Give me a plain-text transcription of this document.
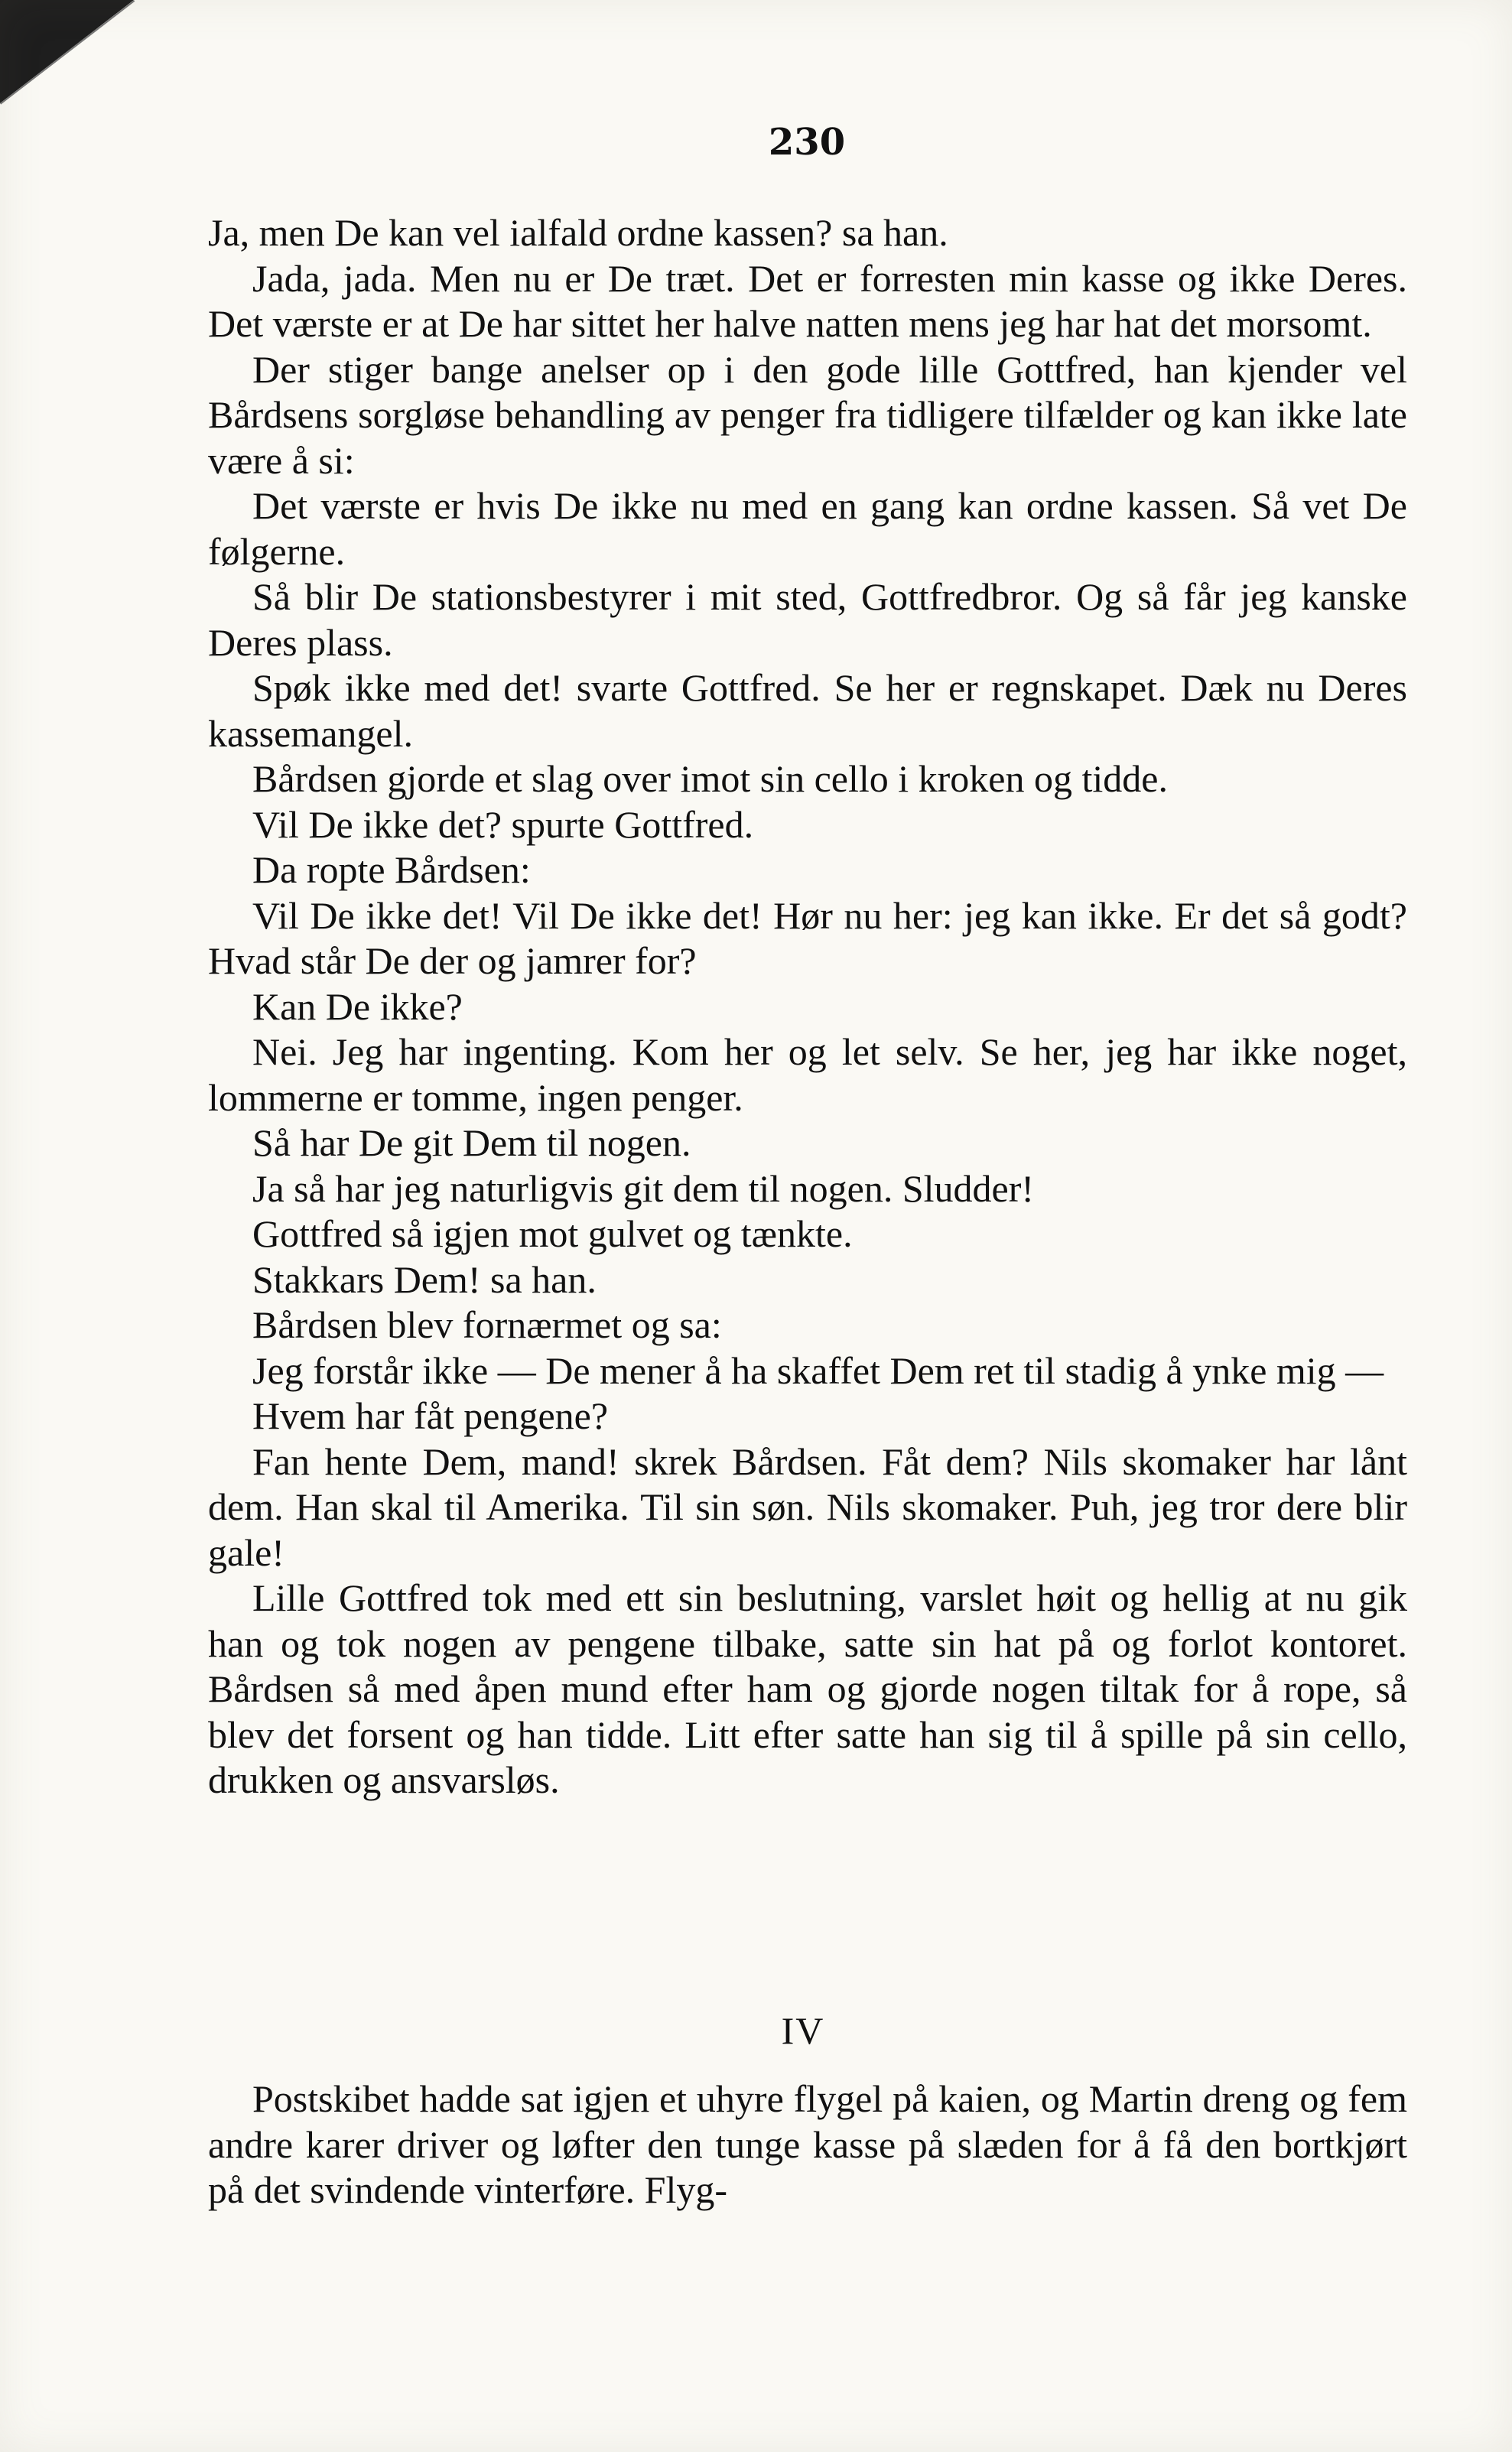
230

Ja, men De kan vel ialfald ordne kassen? sa han.

Jada, jada. Men nu er De træt. Det er forresten min kasse og ikke Deres. Det værste er at De har sittet her halve natten mens jeg har hat det morsomt.

Der stiger bange anelser op i den gode lille Gottfred, han kjender vel Bårdsens sorgløse behandling av penger fra tidligere tilfælder og kan ikke late være å si:

Det værste er hvis De ikke nu med en gang kan ordne kassen. Så vet De følgerne.

Så blir De stationsbestyrer i mit sted, Gottfredbror. Og så får jeg kanske Deres plass.

Spøk ikke med det! svarte Gottfred. Se her er regnskapet. Dæk nu Deres kassemangel.

Bårdsen gjorde et slag over imot sin cello i kroken og tidde.

Vil De ikke det? spurte Gottfred.

Da ropte Bårdsen:

Vil De ikke det! Vil De ikke det! Hør nu her: jeg kan ikke. Er det så godt? Hvad står De der og jamrer for?

Kan De ikke?

Nei. Jeg har ingenting. Kom her og let selv. Se her, jeg har ikke noget, lommerne er tomme, ingen penger.

Så har De git Dem til nogen.

Ja så har jeg naturligvis git dem til nogen. Sludder!

Gottfred så igjen mot gulvet og tænkte.

Stakkars Dem! sa han.

Bårdsen blev fornærmet og sa:

Jeg forstår ikke — De mener å ha skaffet Dem ret til stadig å ynke mig —

Hvem har fåt pengene?

Fan hente Dem, mand! skrek Bårdsen. Fåt dem? Nils skomaker har lånt dem. Han skal til Amerika. Til sin søn. Nils skomaker. Puh, jeg tror dere blir gale!

Lille Gottfred tok med ett sin beslutning, varslet høit og hellig at nu gik han og tok nogen av pengene tilbake, satte sin hat på og forlot kontoret. Bårdsen så med åpen mund efter ham og gjorde nogen tiltak for å rope, så blev det forsent og han tidde. Litt efter satte han sig til å spille på sin cello, drukken og ansvarsløs.

IV

Postskibet hadde sat igjen et uhyre flygel på kaien, og Martin dreng og fem andre karer driver og løfter den tunge kasse på slæden for å få den bortkjørt på det svindende vinterføre. Flyg-
